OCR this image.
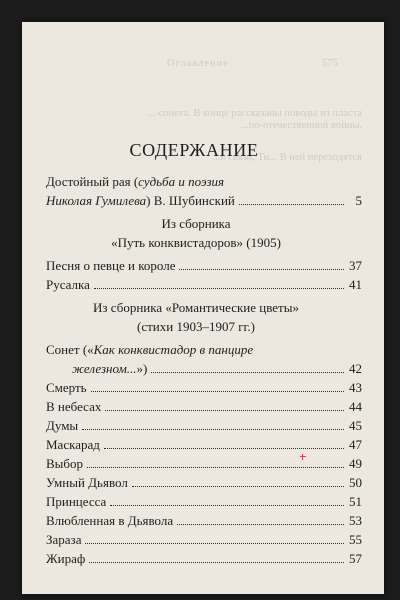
Оглавление	575
...-сонета. В конце рассказаны поводы из пласта
...по-отечественной войны.
...в связи, Ти... В ней переходятся
СОДЕРЖАНИЕ
Достойный рая (судьба и поэзия
Николая Гумилева ) В. Шубинский	5
Из сборника
«Путь конквистадоров» (1905)
Песня о певце и короле	37
Русалка	41
Из сборника «Романтические цветы»
(стихи 1903–1907 гг.)
Сонет («Как конквистадор в панцире
железном...»)	42
Смерть	43
В небесах	44
Думы	45
Маскарад	47
Выбор	49
Умный Дьявол	50
Принцесса	51
Влюбленная в Дьявола	53
Зараза	55
Жираф	57
